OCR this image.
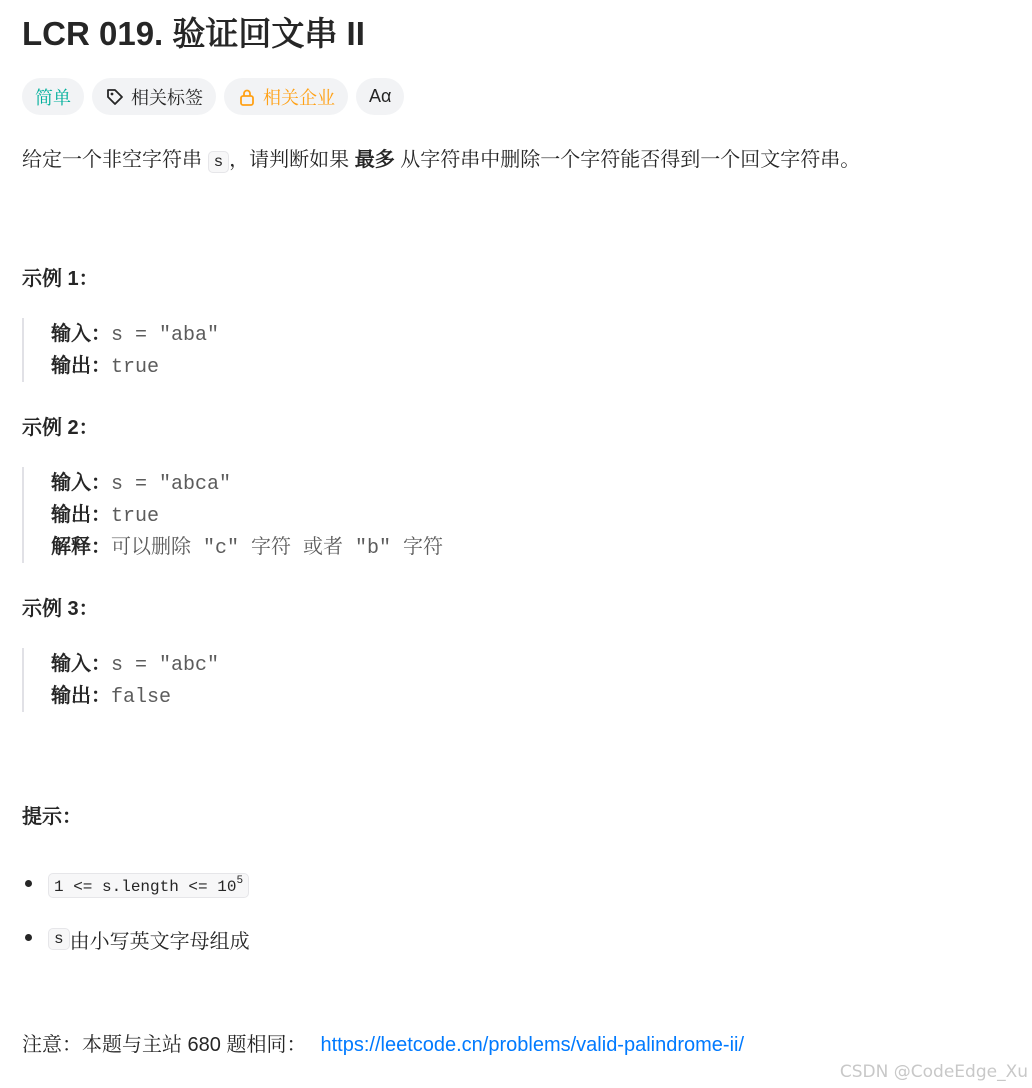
LCR 019. 验证回文串 II
简单	相关标签	相关企业 Aα
给定一个非空字符串 s ，请判断如果 最多 从字符串中删除一个字符能否得到一个回文字符串。
示例 1：
输入：s = "aba"
输出：true
示例 2：
输入：s = "abca"
输出：true
解释：可以删除 "c" 字符 或者 "b" 字符
示例 3：
输入：s = "abc"
输出：false
提示：
1 <= s.length <= $10^5$
s 由小写英文字母组成
注意：本题与主站 680 题相同： https://leetcode.cn/problems/valid-palindrome-ii/
CSDN @CodeEdge_Xu
